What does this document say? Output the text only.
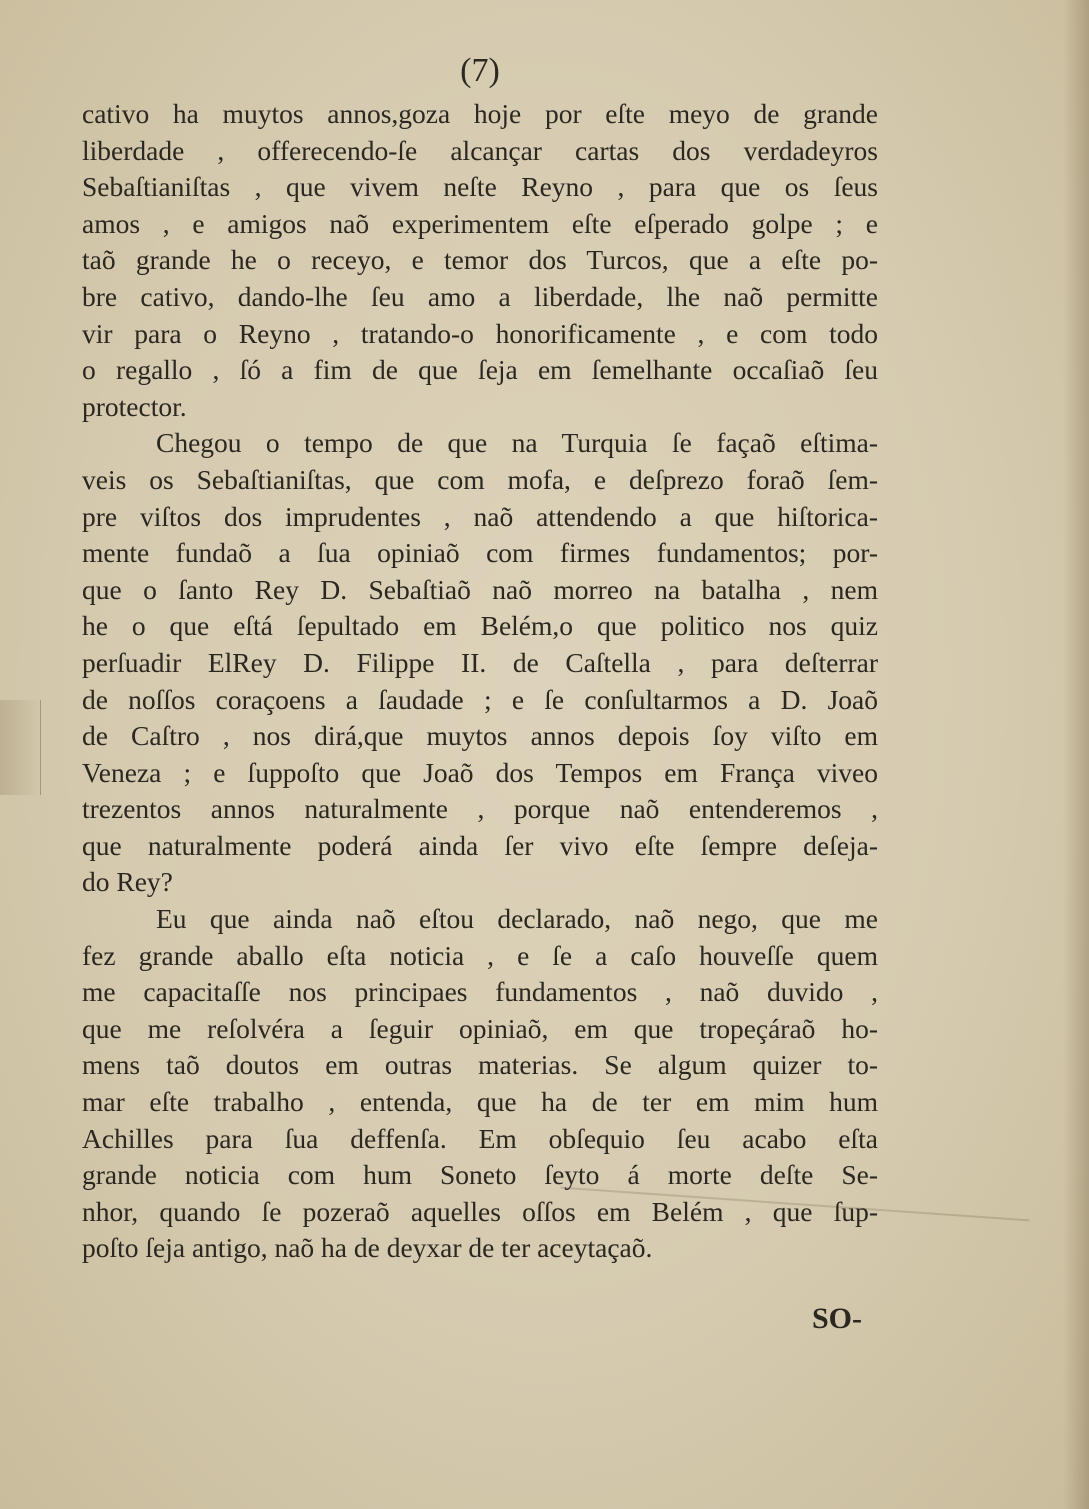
(7)
cativo ha muytos annos,goza hoje por eſte meyo de grande
liberdade , offerecendo-ſe alcançar cartas dos verdadeyros
Sebaſtianiſtas , que vivem neſte Reyno , para que os ſeus
amos , e amigos naõ experimentem eſte eſperado golpe ; e
taõ grande he o receyo, e temor dos Turcos, que a eſte po-
bre cativo, dando-lhe ſeu amo a liberdade, lhe naõ permitte
vir para o Reyno , tratando-o honorificamente , e com todo
o regallo , ſó a fim de que ſeja em ſemelhante occaſiaõ ſeu
protector.
Chegou o tempo de que na Turquia ſe façaõ eſtima-
veis os Sebaſtianiſtas, que com mofa, e deſprezo foraõ ſem-
pre viſtos dos imprudentes , naõ attendendo a que hiſtorica-
mente fundaõ a ſua opiniaõ com firmes fundamentos; por-
que o ſanto Rey D. Sebaſtiaõ naõ morreo na batalha , nem
he o que eſtá ſepultado em Belém,o que politico nos quiz
perſuadir ElRey D. Filippe II. de Caſtella , para deſterrar
de noſſos coraçoens a ſaudade ; e ſe conſultarmos a D. Joaõ
de Caſtro , nos dirá,que muytos annos depois ſoy viſto em
Veneza ; e ſuppoſto que Joaõ dos Tempos em França viveo
trezentos annos naturalmente , porque naõ entenderemos ,
que naturalmente poderá ainda ſer vivo eſte ſempre deſeja-
do Rey?
Eu que ainda naõ eſtou declarado, naõ nego, que me
fez grande aballo eſta noticia , e ſe a caſo houveſſe quem
me capacitaſſe nos principaes fundamentos , naõ duvido ,
que me reſolvéra a ſeguir opiniaõ, em que tropeçáraõ ho-
mens taõ doutos em outras materias. Se algum quizer to-
mar eſte trabalho , entenda, que ha de ter em mim hum
Achilles para ſua deffenſa. Em obſequio ſeu acabo eſta
grande noticia com hum Soneto ſeyto á morte deſte Se-
nhor, quando ſe pozeraõ aquelles oſſos em Belém , que ſup-
poſto ſeja antigo, naõ ha de deyxar de ter aceytaçaõ.
SO-
